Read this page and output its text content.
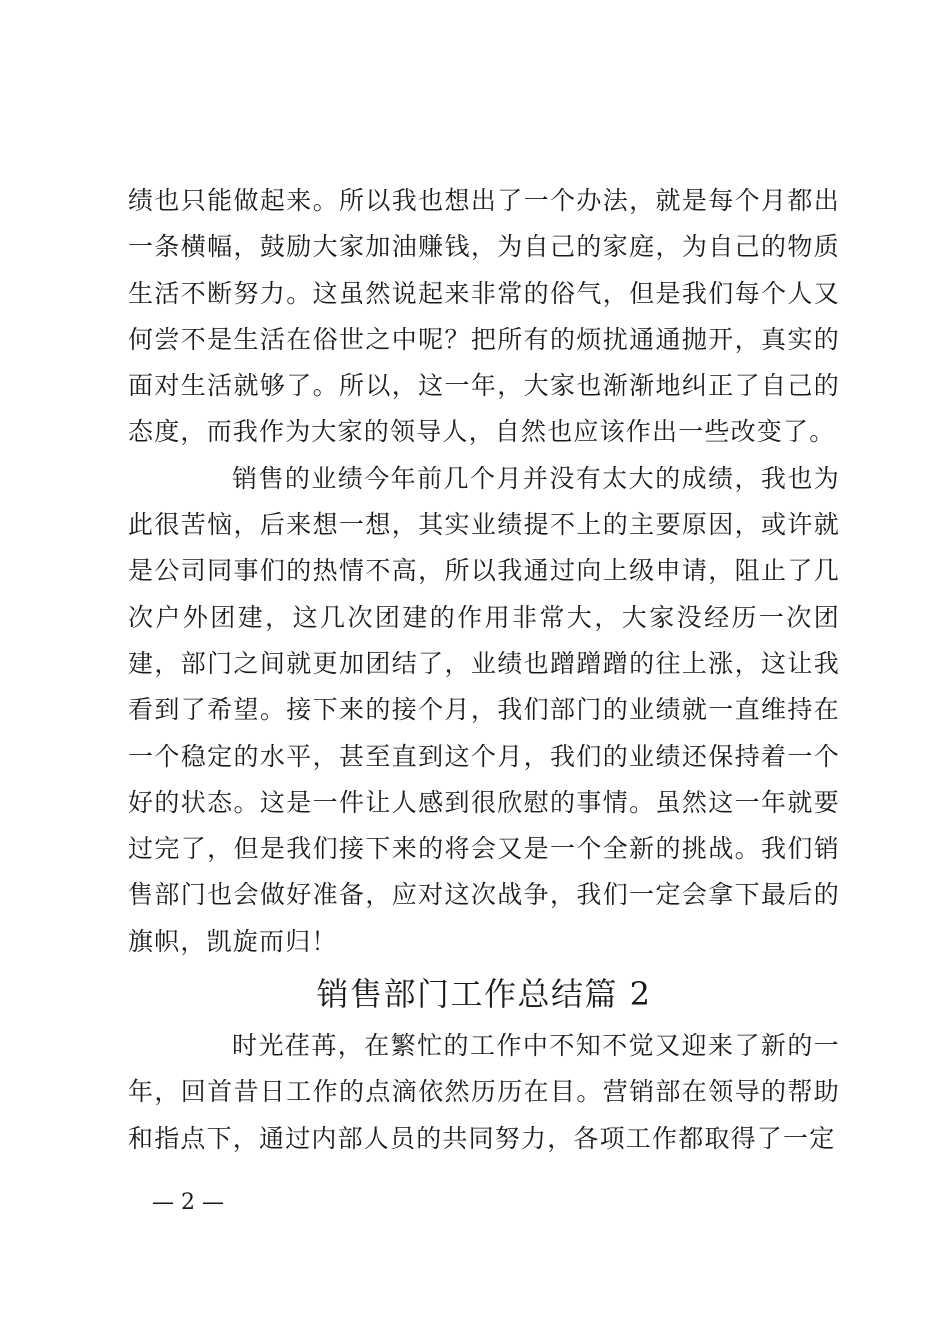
绩也只能做起来。所以我也想出了一个办法，就是每个月都出一条横幅，鼓励大家加油赚钱，为自己的家庭，为自己的物质生活不断努力。这虽然说起来非常的俗气，但是我们每个人又何尝不是生活在俗世之中呢？把所有的烦扰通通抛开，真实的面对生活就够了。所以，这一年，大家也渐渐地纠正了自己的态度，而我作为大家的领导人，自然也应该作出一些改变了。

销售的业绩今年前几个月并没有太大的成绩，我也为此很苦恼，后来想一想，其实业绩提不上的主要原因，或许就是公司同事们的热情不高，所以我通过向上级申请，阻止了几次户外团建，这几次团建的作用非常大，大家没经历一次团建，部门之间就更加团结了，业绩也蹭蹭蹭的往上涨，这让我看到了希望。接下来的接个月，我们部门的业绩就一直维持在一个稳定的水平，甚至直到这个月，我们的业绩还保持着一个好的状态。这是一件让人感到很欣慰的事情。虽然这一年就要过完了，但是我们接下来的将会又是一个全新的挑战。我们销售部门也会做好准备，应对这次战争，我们一定会拿下最后的旗帜，凯旋而归！

销售部门工作总结篇 2

时光荏苒，在繁忙的工作中不知不觉又迎来了新的一年，回首昔日工作的点滴依然历历在目。营销部在领导的帮助和指点下，通过内部人员的共同努力，各项工作都取得了一定

— 2 —
